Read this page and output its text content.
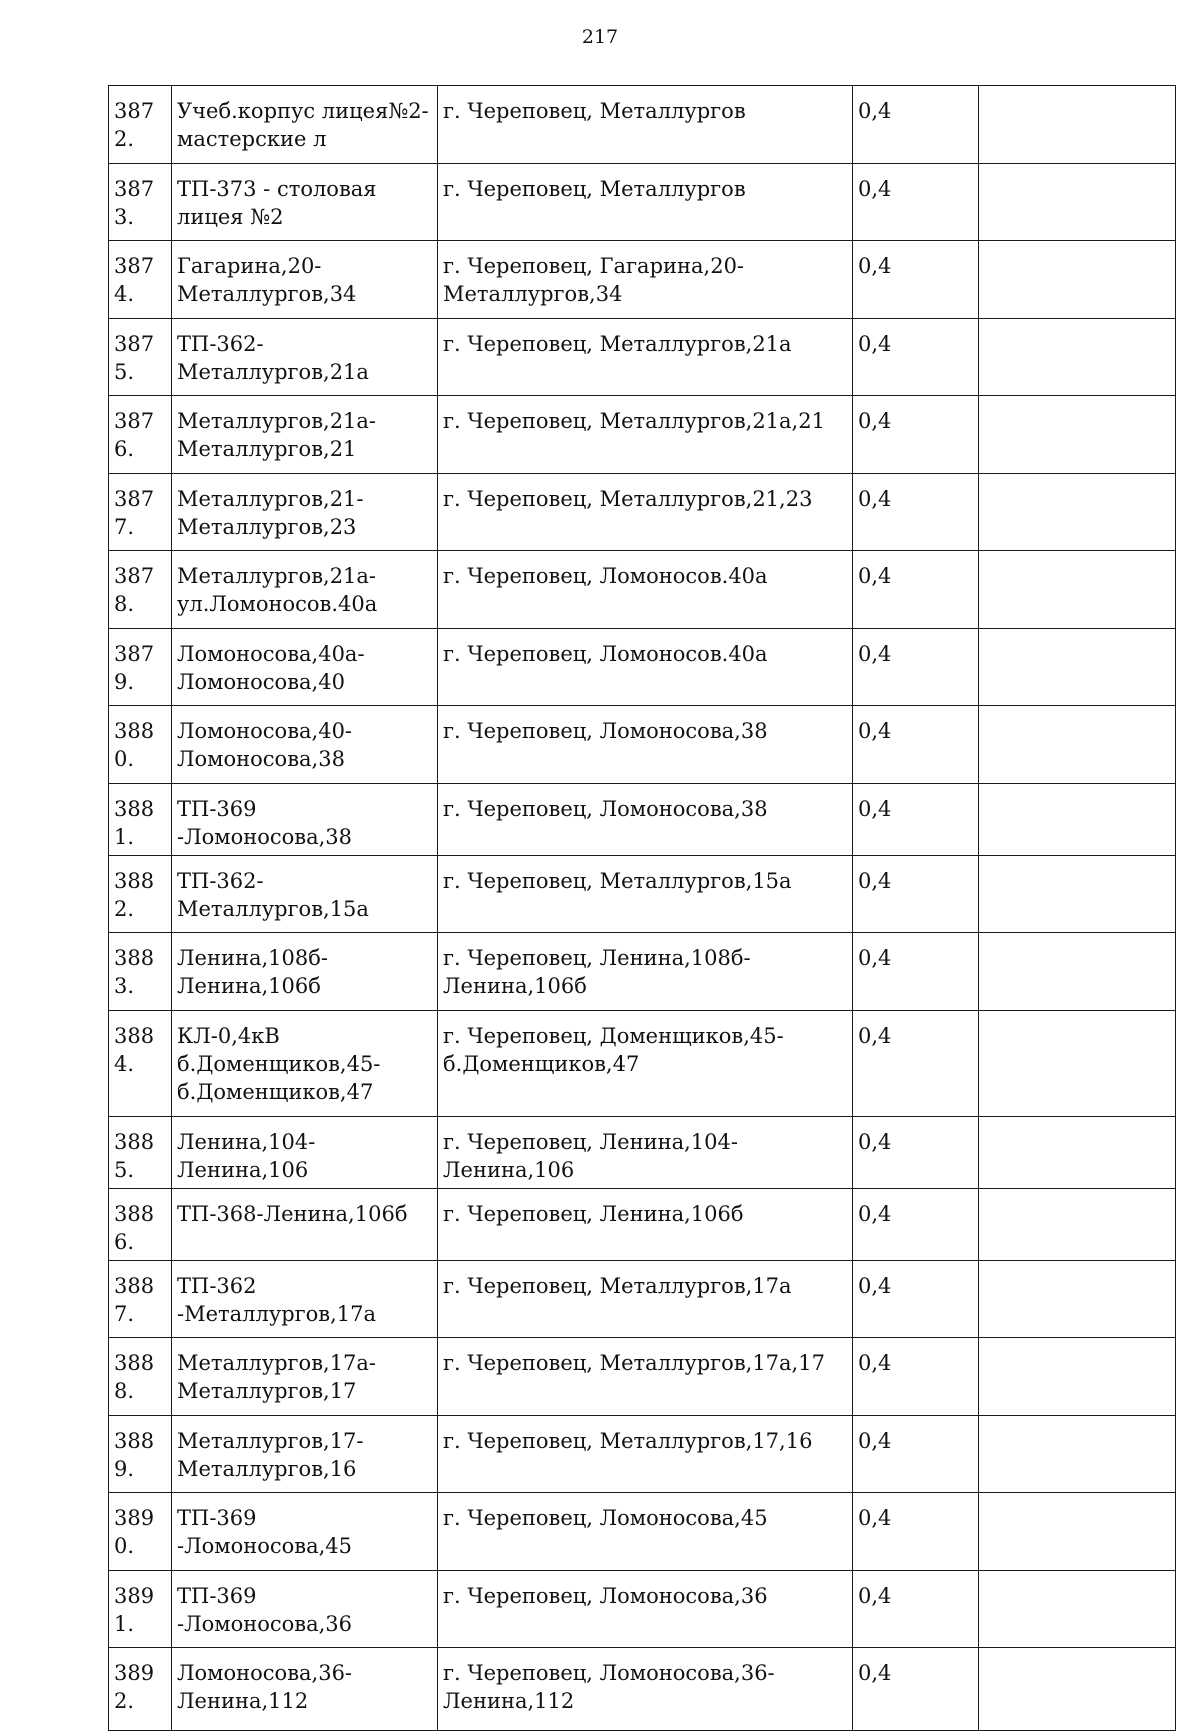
217
3872.	Учеб.корпус лицея№2-мастерские л	г. Череповец, Металлургов	0,4	
3873.	ТП-373 - столовая лицея №2	г. Череповец, Металлургов	0,4	
3874.	Гагарина,20-Металлургов,34	г. Череповец, Гагарина,20-Металлургов,34	0,4	
3875.	ТП-362-Металлургов,21а	г. Череповец, Металлургов,21а	0,4	
3876.	Металлургов,21а-Металлургов,21	г. Череповец, Металлургов,21а,21	0,4	
3877.	Металлургов,21-Металлургов,23	г. Череповец, Металлургов,21,23	0,4	
3878.	Металлургов,21а-ул.Ломоносов.40а	г. Череповец, Ломоносов.40а	0,4	
3879.	Ломоносова,40а-Ломоносова,40	г. Череповец, Ломоносов.40а	0,4	
3880.	Ломоносова,40-Ломоносова,38	г. Череповец, Ломоносова,38	0,4	
3881.	ТП-369 -Ломоносова,38	г. Череповец, Ломоносова,38	0,4	
3882.	ТП-362-Металлургов,15а	г. Череповец, Металлургов,15а	0,4	
3883.	Ленина,108б-Ленина,106б	г. Череповец, Ленина,108б-Ленина,106б	0,4	
3884.	КЛ-0,4кВ б.Доменщиков,45-б.Доменщиков,47	г. Череповец, Доменщиков,45-б.Доменщиков,47	0,4	
3885.	Ленина,104-Ленина,106	г. Череповец, Ленина,104-Ленина,106	0,4	
3886.	ТП-368-Ленина,106б	г. Череповец, Ленина,106б	0,4	
3887.	ТП-362 -Металлургов,17а	г. Череповец, Металлургов,17а	0,4	
3888.	Металлургов,17а-Металлургов,17	г. Череповец, Металлургов,17а,17	0,4	
3889.	Металлургов,17-Металлургов,16	г. Череповец, Металлургов,17,16	0,4	
3890.	ТП-369 -Ломоносова,45	г. Череповец, Ломоносова,45	0,4	
3891.	ТП-369 -Ломоносова,36	г. Череповец, Ломоносова,36	0,4	
3892.	Ломоносова,36-Ленина,112	г. Череповец, Ломоносова,36-Ленина,112	0,4	
